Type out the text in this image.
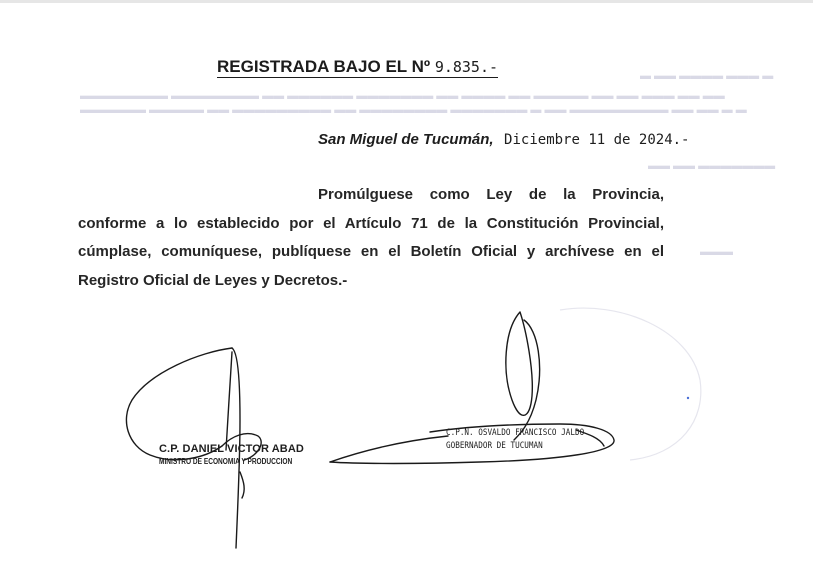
▬ ▬▬ ▬▬▬▬ ▬▬▬ ▬
▬▬▬▬▬▬▬▬ ▬▬▬▬▬▬▬▬ ▬▬ ▬▬▬▬▬▬ ▬▬▬▬▬▬▬ ▬▬ ▬▬▬▬ ▬▬ ▬▬▬▬▬ ▬▬ ▬▬ ▬▬▬ ▬▬ ▬▬
▬▬▬▬▬▬ ▬▬▬▬▬ ▬▬ ▬▬▬▬▬▬▬▬▬ ▬▬ ▬▬▬▬▬▬▬▬ ▬▬▬▬▬▬▬ ▬ ▬▬ ▬▬▬▬▬▬▬▬▬ ▬▬ ▬▬ ▬ ▬
▬▬ ▬▬ ▬▬▬▬▬▬▬
▬▬▬
REGISTRADA BAJO EL Nº 9.835.-
San Miguel de Tucumán, Diciembre 11 de 2024.-
Promúlguese como Ley de la Provincia,
conforme a lo establecido por el Artículo 71 de la Constitución Provincial,
cúmplase, comuníquese, publíquese en el Boletín Oficial y archívese en el
Registro Oficial de Leyes y Decretos.-
C.P. DANIEL VICTOR ABAD
MINISTRO DE ECONOMIA Y PRODUCCION
C.P.N. OSVALDO FRANCISCO JALDO
GOBERNADOR DE TUCUMAN
